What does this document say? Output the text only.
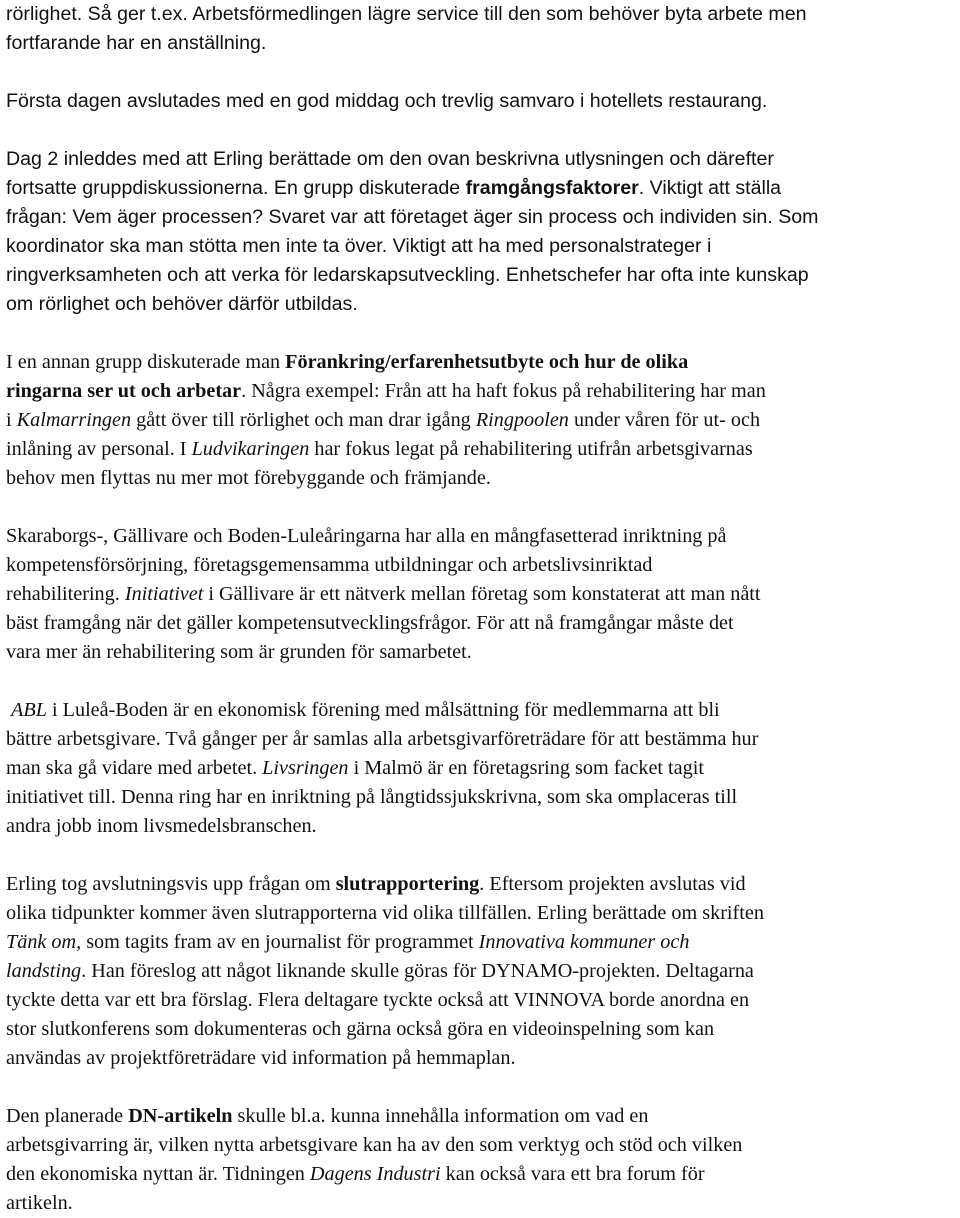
rörlighet. Så ger t.ex. Arbetsförmedlingen lägre service till den som behöver byta arbete men
fortfarande har en anställning.

Första dagen avslutades med en god middag och trevlig samvaro i hotellets restaurang.

Dag 2 inleddes med att Erling berättade om den ovan beskrivna utlysningen och därefter
fortsatte gruppdiskussionerna. En grupp diskuterade framgångsfaktorer. Viktigt att ställa
frågan: Vem äger processen? Svaret var att företaget äger sin process och individen sin. Som
koordinator ska man stötta men inte ta över. Viktigt att ha med personalstrateger i
ringverksamheten och att verka för ledarskapsutveckling. Enhetschefer har ofta inte kunskap
om rörlighet och behöver därför utbildas.

I en annan grupp diskuterade man Förankring/erfarenhetsutbyte och hur de olika
ringarna ser ut och arbetar. Några exempel: Från att ha haft fokus på rehabilitering har man
i Kalmarringen gått över till rörlighet och man drar igång Ringpoolen under våren för ut- och
inlåning av personal. I Ludvikaringen har fokus legat på rehabilitering utifrån arbetsgivarnas
behov men flyttas nu mer mot förebyggande och främjande.

Skaraborgs-, Gällivare och Boden-Luleåringarna har alla en mångfasetterad inriktning på
kompetensförsörjning, företagsgemensamma utbildningar och arbetslivsinriktad
rehabilitering. Initiativet i Gällivare är ett nätverk mellan företag som konstaterat att man nått
bäst framgång när det gäller kompetensutvecklingsfrågor. För att nå framgångar måste det
vara mer än rehabilitering som är grunden för samarbetet.

ABL i Luleå-Boden är en ekonomisk förening med målsättning för medlemmarna att bli
bättre arbetsgivare. Två gånger per år samlas alla arbetsgivarföreträdare för att bestämma hur
man ska gå vidare med arbetet. Livsringen i Malmö är en företagsring som facket tagit
initiativet till. Denna ring har en inriktning på långtidssjukskrivna, som ska omplaceras till
andra jobb inom livsmedelsbranschen.

Erling tog avslutningsvis upp frågan om slutrapportering. Eftersom projekten avslutas vid
olika tidpunkter kommer även slutrapporterna vid olika tillfällen. Erling berättade om skriften
Tänk om, som tagits fram av en journalist för programmet Innovativa kommuner och
landsting. Han föreslog att något liknande skulle göras för DYNAMO-projekten. Deltagarna
tyckte detta var ett bra förslag. Flera deltagare tyckte också att VINNOVA borde anordna en
stor slutkonferens som dokumenteras och gärna också göra en videoinspelning som kan
användas av projektföreträdare vid information på hemmaplan.

Den planerade DN-artikeln skulle bl.a. kunna innehålla information om vad en
arbetsgivarring är, vilken nytta arbetsgivare kan ha av den som verktyg och stöd och vilken
den ekonomiska nyttan är. Tidningen Dagens Industri kan också vara ett bra forum för
artikeln.
